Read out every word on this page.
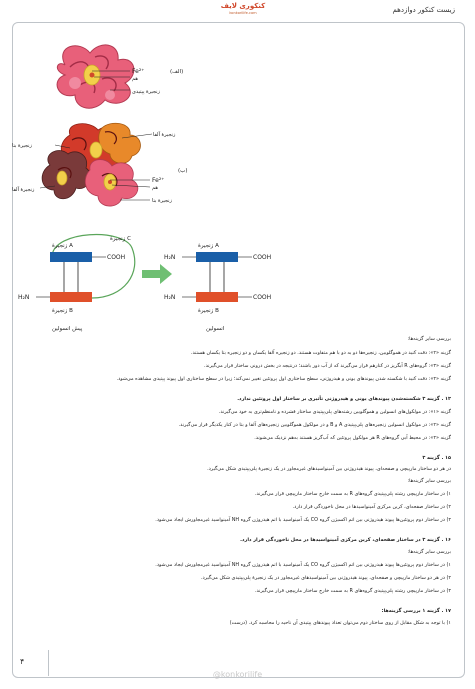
زیست کنکور دوازدهم
کنکوری لایف
konkorilife.com
Fe²⁺
هم
زنجیرهٔ پپتیدی
(الف)
زنجیرهٔ آلفا
زنجیرهٔ بتا
Fe²⁺
هم
زنجیرهٔ بتا
زنجیرهٔ آلفا
(ب)
زنجیرهٔ C
زنجیرهٔ A
COOH
H₂N
زنجیرهٔ B
پیش انسولین
زنجیرهٔ A
COOH
H₂N
H₂N	COOH
زنجیرهٔ B
انسولین
بررسی سایر گزینه‌ها:
گزینه «۲»: دقت کنید در هموگلوبین، زنجیره‌ها دو به دو با هم متفاوت هستند. دو زنجیره آلفا یکسان و دو زنجیره بتا یکسان هستند.
گزینه «۳»: گروه‌های R آبگریز در کنارهم قرار می‌گیرند که از آب دور باشند؛ درنتیجه در بخش درونی ساختار قرار می‌گیرند.
گزینه «۴»: دقت کنید با شکسته شدن پیوندهای یونی و هیدروژنی، سطح ساختاری اول پروتئین تغییر نمی‌کند؛ زیرا در سطح ساختاری اول پیوند پپتیدی مشاهده می‌شود.
۱۴ . گزینه ۳ شکسته‌شدن پیوندهای یونی و هیدروژنی تأثیری بر ساختار اول پروتئین ندارد.
گزینه «۱»: در مولکول‌های انسولین و هموگلوبین رشته‌های پلی‌پپتیدی ساختار فشرده و نامنظم‌تری به خود می‌گیرند.
گزینه «۲»: در مولکول انسولین زنجیره‌های پلی‌پپتیدی A و B و در مولکول هموگلوبین زنجیره‌های آلفا و بتا در کنار یکدیگر قرار می‌گیرند.
گزینه «۴»: در محیط آبی گروه‌های R هر مولکول پروتئین که آب‌گریز هستند به‌هم نزدیک می‌شوند.
۱۵ . گزینه ۳
در هر دو ساختار مارپیچی و صفحه‌ای، پیوند هیدروژنی بین آمینواسیدهای غیرمجاور در یک زنجیرهٔ پلی‌پپتیدی شکل می‌گیرد.
بررسی سایر گزینه‌ها:
۱) در ساختار مارپیچی رشته پلی‌پپتیدی گروه‌های R به سمت خارج ساختار مارپیچی قرار می‌گیرند.
۲) در ساختار صفحه‌ای، کربن مرکزی آمینواسیدها در محل ناخوردگی قرار دارد.
۴) در ساختار دوم پروتئین‌ها پیوند هیدروژنی بین اتم اکسیژن گروه CO یک آمینواسید با اتم هیدروژن گروه NH آمینواسید غیرمجاورش ایجاد می‌شود.
۱۶ . گزینه ۳ در ساختار صفحه‌ای، کربن مرکزی آمینواسیدها در محل ناخوردگی قرار دارد.
بررسی سایر گزینه‌ها:
۱) در ساختار دوم پروتئین‌ها پیوند هیدروژنی بین اتم اکسیژن گروه CO یک آمینواسید با اتم هیدروژن گروه NH آمینواسید غیرمجاورش ایجاد می‌شود.
۲) در هر دو ساختار مارپیچی و صفحه‌ای، پیوند هیدروژنی بین آمینواسیدهای غیرمجاور در یک زنجیرهٔ پلی‌پپتیدی شکل می‌گیرد.
۴) در ساختار مارپیچی رشته پلی‌پپتیدی گروه‌های R به سمت خارج ساختار مارپیچی قرار می‌گیرند.
۱۷ . گزینه ۱ بررسی گزینه‌ها:
۱) با توجه به شکل مقابل از روی ساختار دوم می‌توان تعداد پیوندهای پپتیدی آن ناحیه را محاسبه کرد. (درست)
۴
@konkorilife
